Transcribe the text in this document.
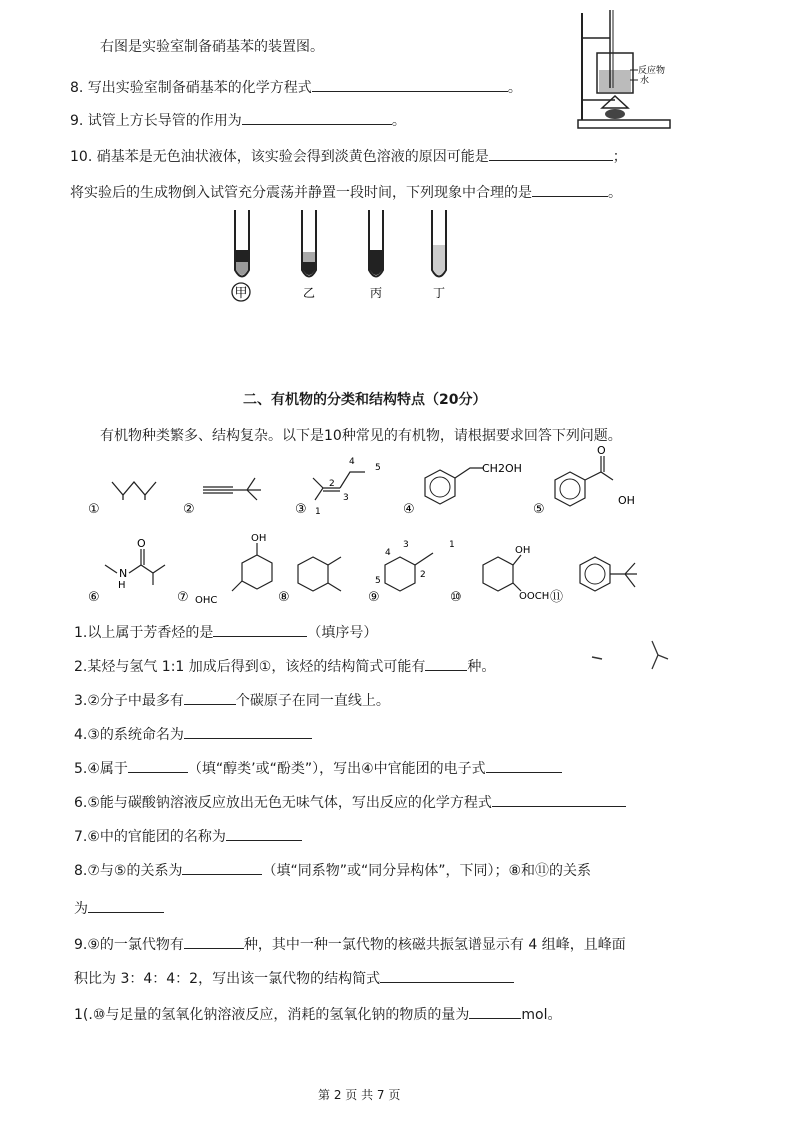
右图是实验室制备硝基苯的装置图。
8. 写出实验室制备硝基苯的化学方程式	。
9. 试管上方长导管的作用为	。
10. 硝基苯是无色油状液体，该实验会得到淡黄色溶液的原因可能是	；
将实验后的生成物倒入试管充分震荡并静置一段时间，下列现象中合理的是	。
反应物
水
甲	乙	丙	丁
二、有机物的分类和结构特点（20分）
有机物种类繁多、结构复杂。以下是10种常见的有机物，请根据要求回答下列问题。
①	②	③ 1
2
3
4
5
④
CH2OH
⑤
OH
O
⑥
N
H
O
⑦
OH
OHC	⑧	⑨
4
3
2
1
5
⑩
OH
OOCH ⑪
1.以上属于芳香烃的是	（填序号）
2.某烃与氢气 1:1 加成后得到①，该烃的结构简式可能有	种。
3.②分子中最多有	个碳原子在同一直线上。
4.③的系统命名为
5.④属于	（填“醇类’或“酚类”），写出④中官能团的电子式
6.⑤能与碳酸钠溶液反应放出无色无味气体，写出反应的化学方程式
7.⑥中的官能团的名称为
8.⑦与⑤的关系为	（填“同系物”或“同分异构体”，下同）；⑧和⑪的关系
为
9.⑨的一氯代物有	种，其中一种一氯代物的核磁共振氢谱显示有 4 组峰，且峰面
积比为 3：4：4：2，写出该一氯代物的结构简式
1(.⑩与足量的氢氧化钠溶液反应，消耗的氢氧化钠的物质的量为	mol。
第 2 页 共 7 页
